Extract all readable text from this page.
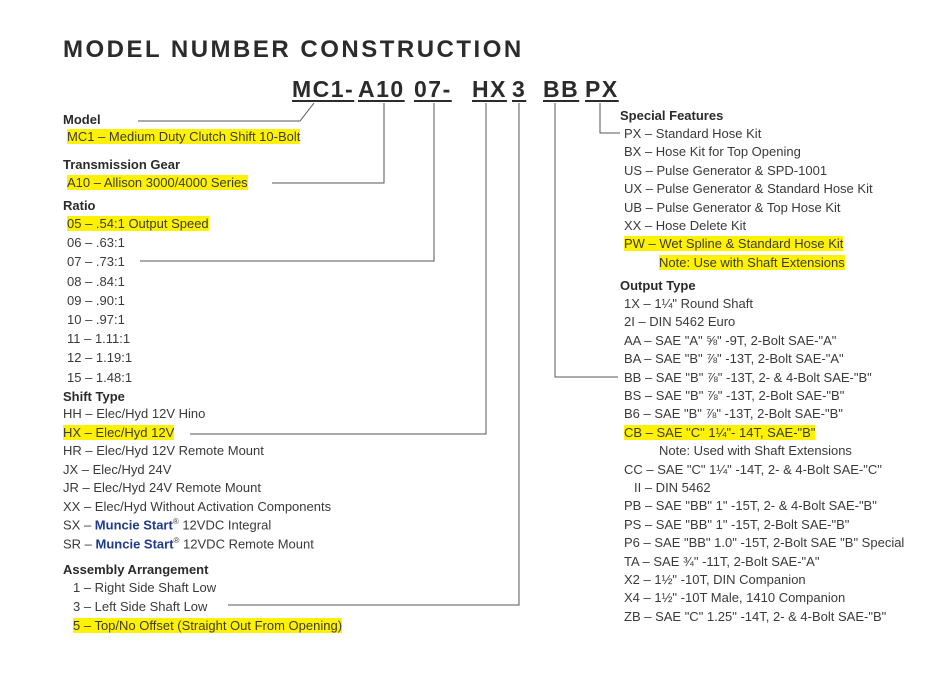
MODEL NUMBER CONSTRUCTION
MC1- A10 07- HX 3 BB PX
Model
MC1 – Medium Duty Clutch Shift 10-Bolt
Transmission Gear
A10 – Allison 3000/4000 Series
Ratio
05 – .54:1 Output Speed
06 – .63:1
07 – .73:1
08 – .84:1
09 – .90:1
10 – .97:1
11 – 1.11:1
12 – 1.19:1
15 – 1.48:1
Shift Type
HH – Elec/Hyd 12V Hino
HX – Elec/Hyd 12V
HR – Elec/Hyd 12V Remote Mount
JX – Elec/Hyd 24V
JR – Elec/Hyd 24V Remote Mount
XX – Elec/Hyd Without Activation Components
SX – Muncie Start® 12VDC Integral
SR – Muncie Start® 12VDC Remote Mount
Assembly Arrangement
1 – Right Side Shaft Low
3 – Left Side Shaft Low
5 – Top/No Offset (Straight Out From Opening)
Special Features
PX – Standard Hose Kit
BX – Hose Kit for Top Opening
US – Pulse Generator & SPD-1001
UX – Pulse Generator & Standard Hose Kit
UB – Pulse Generator & Top Hose Kit
XX – Hose Delete Kit
PW – Wet Spline & Standard Hose Kit
Note: Use with Shaft Extensions
Output Type
1X – 1¼" Round Shaft
2I – DIN 5462 Euro
AA – SAE "A" ⅝" -9T, 2-Bolt SAE-"A"
BA – SAE "B" ⅞" -13T, 2-Bolt SAE-"A"
BB – SAE "B" ⅞" -13T, 2- & 4-Bolt SAE-"B"
BS – SAE "B" ⅞" -13T, 2-Bolt SAE-"B"
B6 – SAE "B" ⅞" -13T, 2-Bolt SAE-"B"
CB – SAE "C" 1¼"- 14T, SAE-"B"
Note: Used with Shaft Extensions
CC – SAE "C" 1¼" -14T, 2- & 4-Bolt SAE-"C"
II – DIN 5462
PB – SAE "BB" 1" -15T, 2- & 4-Bolt SAE-"B"
PS – SAE "BB" 1" -15T, 2-Bolt SAE-"B"
P6 – SAE "BB" 1.0" -15T, 2-Bolt SAE "B" Special
TA – SAE ¾" -11T, 2-Bolt SAE-"A"
X2 – 1½" -10T, DIN Companion
X4 – 1½" -10T Male, 1410 Companion
ZB – SAE "C" 1.25" -14T, 2- & 4-Bolt SAE-"B"
